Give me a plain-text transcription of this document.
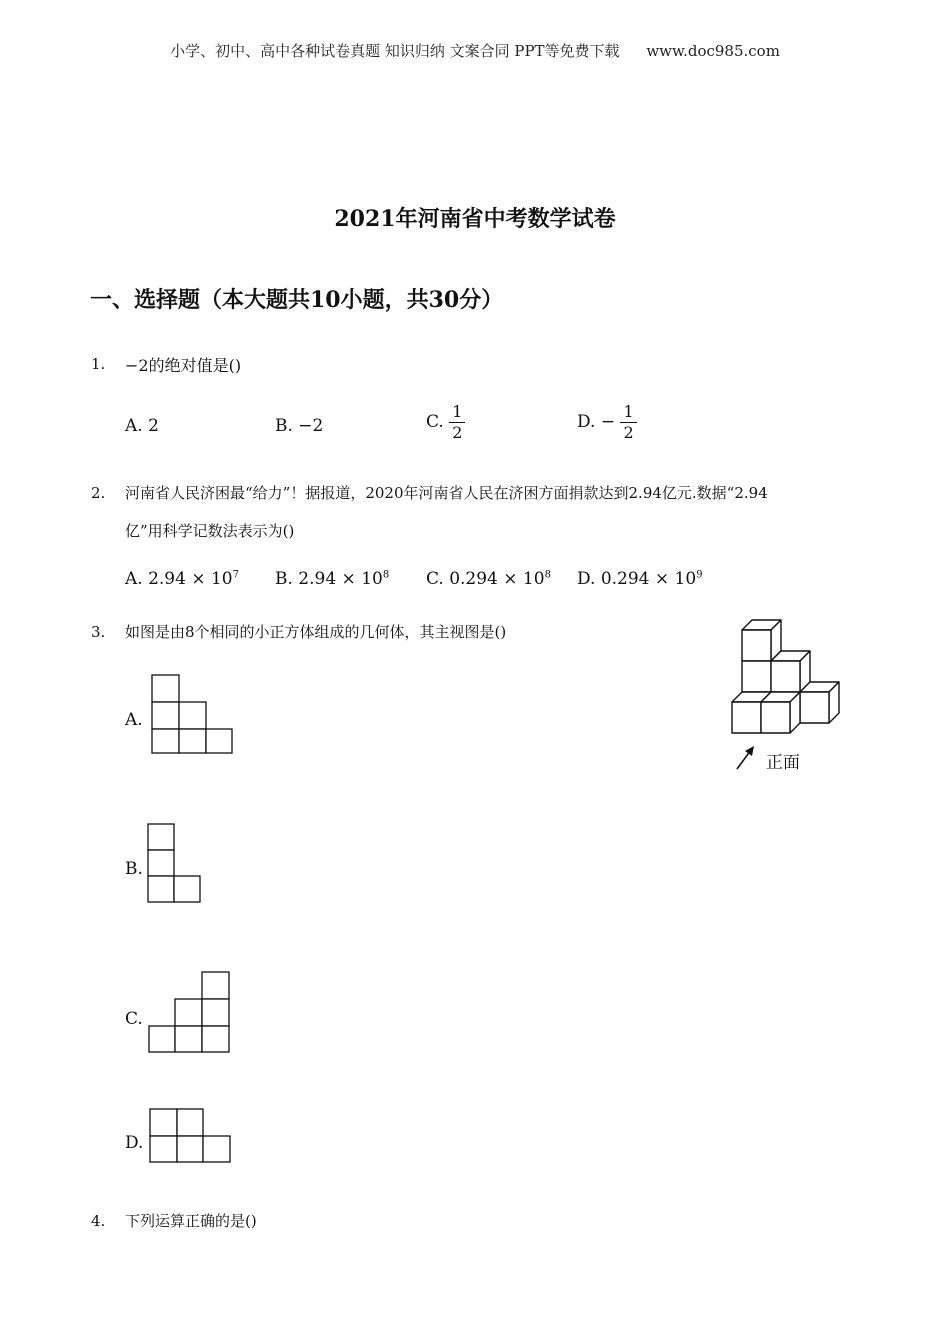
小学、初中、高中各种试卷真题 知识归纳 文案合同 PPT等免费下载 www.doc985.com
2021年河南省中考数学试卷
一、选择题（本大题共10小题，共30分）
1. −2的绝对值是()
A. 2	B. −2	C. $\frac{1}{2}$	D. − $\frac{1}{2}$
2. 河南省人民济困最“给力”！据报道，2020年河南省人民在济困方面捐款达到2.94亿元.数据“2.94
亿”用科学记数法表示为()
A. $2.94 \times 10^7$ B. $2.94 \times 10^8$ C. $0.294 \times 10^8$ D. $0.294 \times 10^9$
3. 如图是由8个相同的小正方体组成的几何体，其主视图是()
正面
A.
B.
C.
D.
4. 下列运算正确的是()
